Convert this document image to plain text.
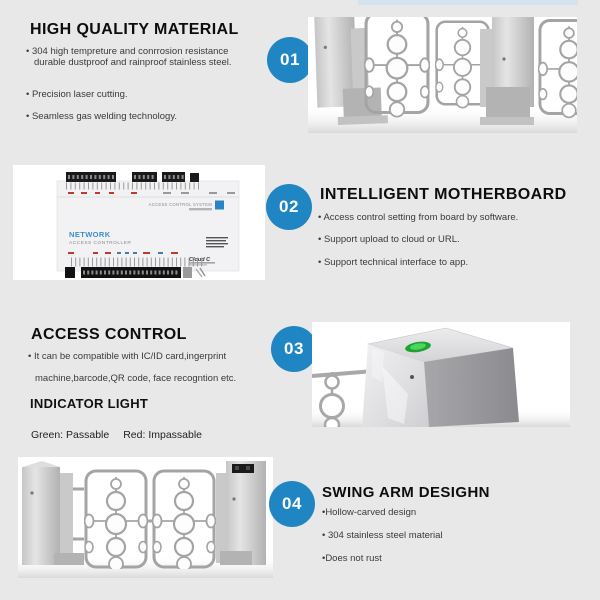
HIGH QUALITY MATERIAL

• 304 high tempreture and conrrosion resistance durable dustproof and rainproof stainless steel.

• Precision laser cutting.

• Seamless gas welding technology.

01
ACCESS CONTROL SYSTEM
NETWORK
ACCESS CONTROLLER
Cloud C
02
INTELLIGENT MOTHERBOARD

• Access control setting from board by software.

• Support upload to cloud or URL.

• Support technical interface to app.

ACCESS CONTROL

• It can be compatible with IC/ID card,ingerprint

machine,barcode,QR code, face recogntion etc.

INDICATOR LIGHT

Green: Passable Red: Impassable

03
04
SWING ARM DESIGHN

•Hollow-carved design

• 304 stainless steel material

•Does not rust
